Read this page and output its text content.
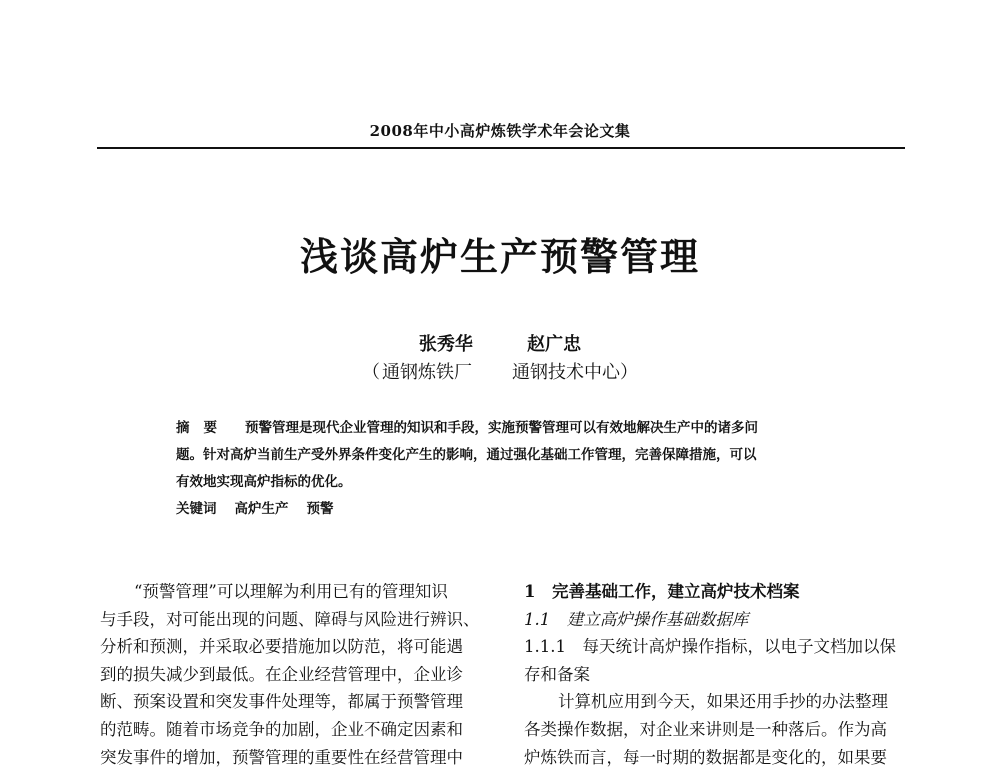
2008年中小高炉炼铁学术年会论文集
浅谈高炉生产预警管理
张秀华	赵广忠
（ 通钢炼铁厂 通钢技术中心）
摘要 预警管理是现代企业管理的知识和手段，实施预警管理可以有效地解决生产中的诸多问
题。针对高炉当前生产受外界条件变化产生的影响，通过强化基础工作管理，完善保障措施，可以
有效地实现高炉指标的优化。
关键词 高炉生产 预警
“预警管理”可以理解为利用已有的管理知识
与手段，对可能出现的问题、障碍与风险进行辨识、
分析和预测，并采取必要措施加以防范，将可能遇
到的损失减少到最低。在企业经营管理中，企业诊
断、预案设置和突发事件处理等，都属于预警管理
的范畴。随着市场竞争的加剧，企业不确定因素和
突发事件的增加，预警管理的重要性在经营管理中
1　完善基础工作，建立高炉技术档案
1.1　建立高炉操作基础数据库
1.1.1　每天统计高炉操作指标，以电子文档加以保
存和备案
计算机应用到今天，如果还用手抄的办法整理
各类操作数据，对企业来讲则是一种落后。作为高
炉炼铁而言，每一时期的数据都是变化的，如果要
